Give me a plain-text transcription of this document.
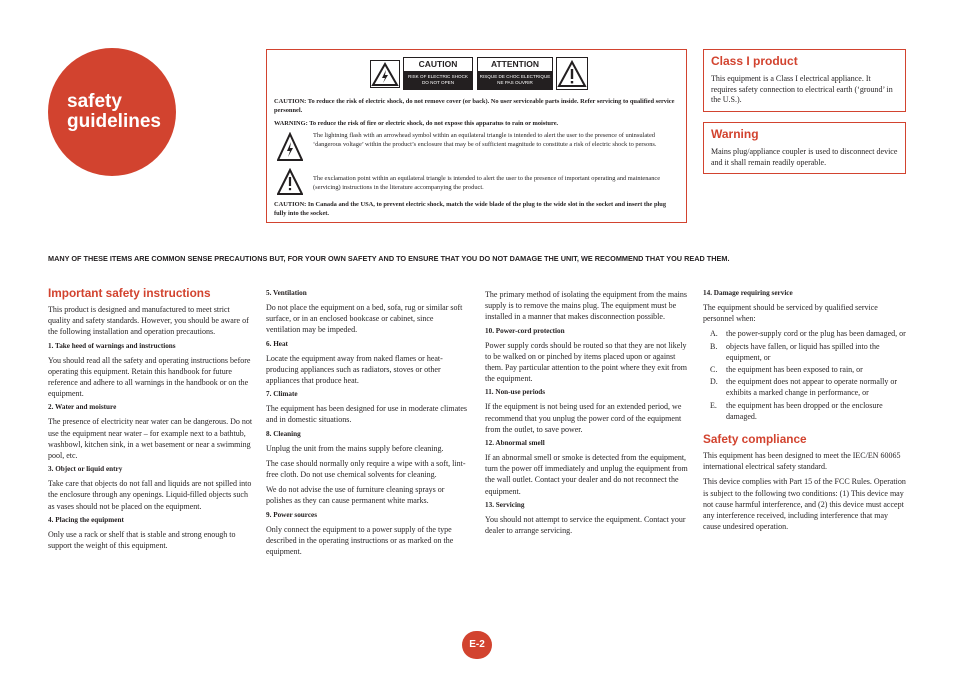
safety
guidelines
CAUTION
RISK OF ELECTRIC SHOCK DO NOT OPEN
ATTENTION
RISQUE DE CHOC ELECTRIQUE NE PAS OUVRIR
CAUTION: To reduce the risk of electric shock, do not remove cover (or back). No user serviceable parts inside. Refer servicing to qualified service personnel.
WARNING: To reduce the risk of fire or electric shock, do not expose this apparatus to rain or moisture.
The lightning flash with an arrowhead symbol within an equilateral triangle is intended to alert the user to the presence of uninsulated ‘dangerous voltage’ within the product’s enclosure that may be of sufficient magnitude to constitute a risk of electric shock to persons.
The exclamation point within an equilateral triangle is intended to alert the user to the presence of important operating and maintenance (servicing) instructions in the literature accompanying the product.
CAUTION: In Canada and the USA, to prevent electric shock, match the wide blade of the plug to the wide slot in the socket and insert the plug fully into the socket.
Class I product

This equipment is a Class I electrical appliance. It requires safety connection to electrical earth (‘ground’ in the U.S.).

Warning

Mains plug/appliance coupler is used to disconnect device and it shall remain readily operable.

MANY OF THESE ITEMS ARE COMMON SENSE PRECAUTIONS BUT, FOR YOUR OWN SAFETY AND TO ENSURE THAT YOU DO NOT DAMAGE THE UNIT, WE RECOMMEND THAT YOU READ THEM.
Important safety instructions

This product is designed and manufactured to meet strict quality and safety standards. However, you should be aware of the following installation and operation precautions.

1. Take heed of warnings and instructions

You should read all the safety and operating instructions before operating this equipment. Retain this handbook for future reference and adhere to all warnings in the handbook or on the equipment.

2. Water and moisture

The presence of electricity near water can be dangerous. Do not use the equipment near water – for example next to a bathtub, washbowl, kitchen sink, in a wet basement or near a swimming pool, etc.

3. Object or liquid entry

Take care that objects do not fall and liquids are not spilled into the enclosure through any openings. Liquid-filled objects such as vases should not be placed on the equipment.

4. Placing the equipment

Only use a rack or shelf that is stable and strong enough to support the weight of this equipment.

5. Ventilation

Do not place the equipment on a bed, sofa, rug or similar soft surface, or in an enclosed bookcase or cabinet, since ventilation may be impeded.

6. Heat

Locate the equipment away from naked flames or heat-producing appliances such as radiators, stoves or other appliances that produce heat.

7. Climate

The equipment has been designed for use in moderate climates and in domestic situations.

8. Cleaning

Unplug the unit from the mains supply before cleaning.

The case should normally only require a wipe with a soft, lint-free cloth. Do not use chemical solvents for cleaning.

We do not advise the use of furniture cleaning sprays or polishes as they can cause permanent white marks.

9. Power sources

Only connect the equipment to a power supply of the type described in the operating instructions or as marked on the equipment.

The primary method of isolating the equipment from the mains supply is to remove the mains plug. The equipment must be installed in a manner that makes disconnection possible.

10. Power-cord protection

Power supply cords should be routed so that they are not likely to be walked on or pinched by items placed upon or against them. Pay particular attention to the point where they exit from the equipment.

11. Non-use periods

If the equipment is not being used for an extended period, we recommend that you unplug the power cord of the equipment from the outlet, to save power.

12. Abnormal smell

If an abnormal smell or smoke is detected from the equipment, turn the power off immediately and unplug the equipment from the wall outlet. Contact your dealer and do not reconnect the equipment.

13. Servicing

You should not attempt to service the equipment. Contact your dealer to arrange servicing.

14. Damage requiring service

The equipment should be serviced by qualified service personnel when:

A.	the power-supply cord or the plug has been damaged, or
B.	objects have fallen, or liquid has spilled into the equipment, or
C.	the equipment has been exposed to rain, or
D.	the equipment does not appear to operate normally or exhibits a marked change in performance, or
E.	the equipment has been dropped or the enclosure damaged.
Safety compliance

This equipment has been designed to meet the IEC/EN 60065 international electrical safety standard.

This device complies with Part 15 of the FCC Rules. Operation is subject to the following two conditions: (1) This device may not cause harmful interference, and (2) this device must accept any interference received, including interference that may cause undesired operation.

E-2
